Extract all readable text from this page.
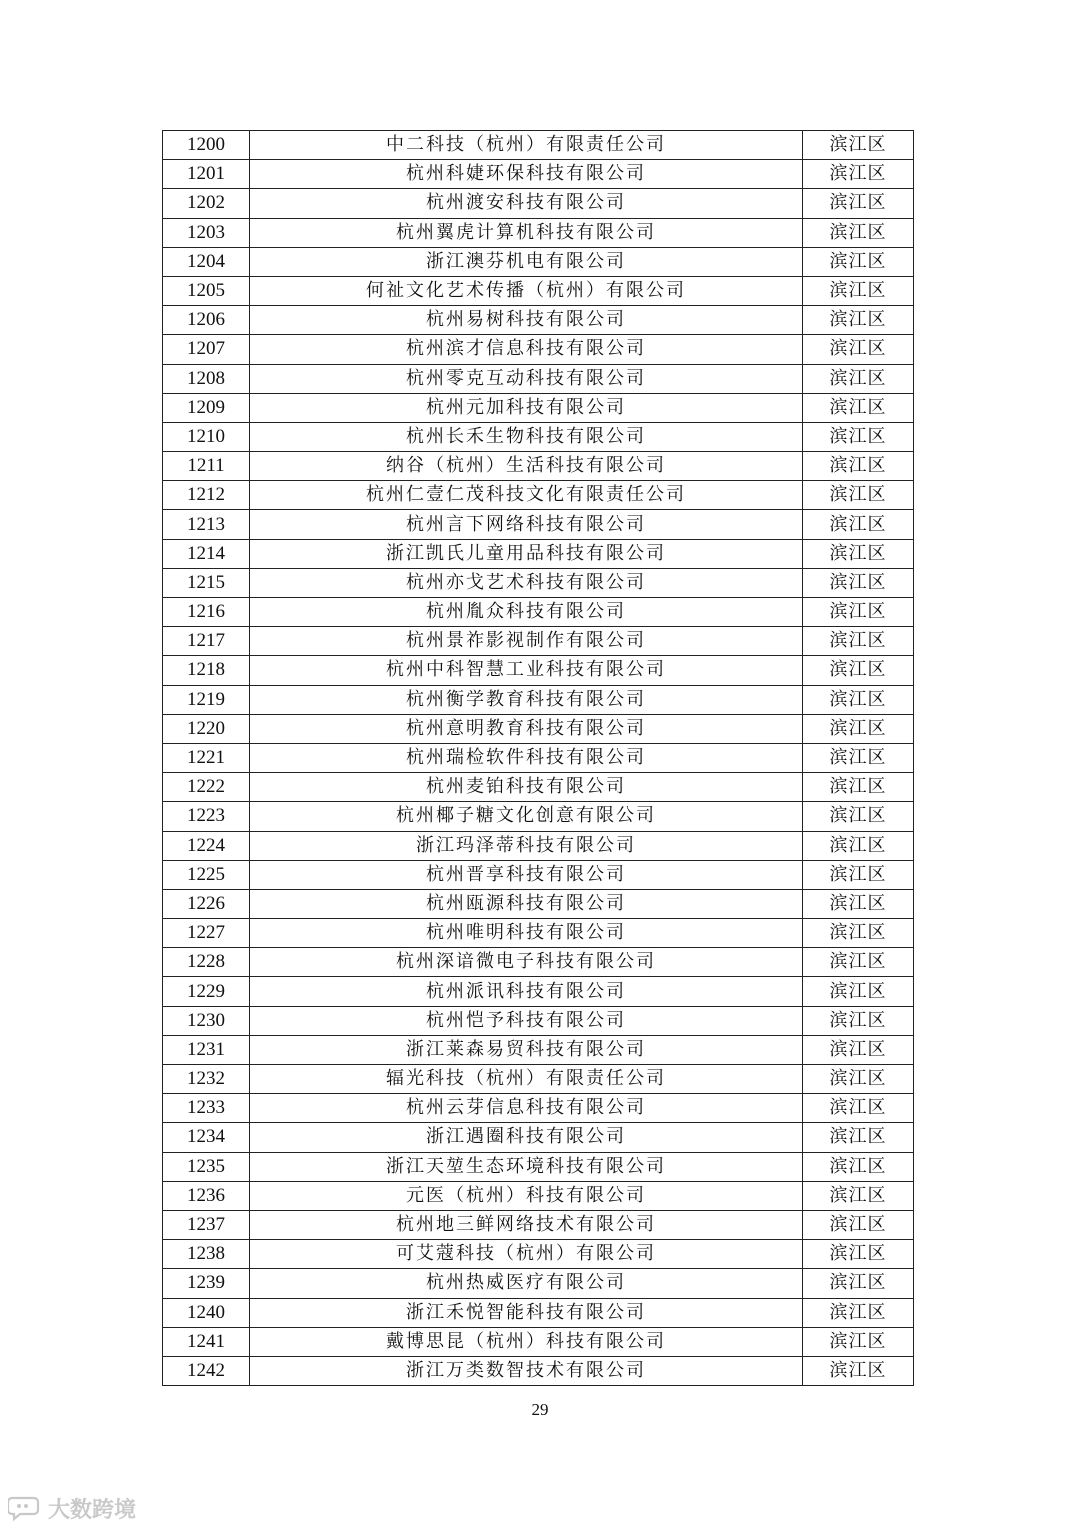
1200	中二科技（杭州）有限责任公司	滨江区
1201	杭州科婕环保科技有限公司	滨江区
1202	杭州渡安科技有限公司	滨江区
1203	杭州翼虎计算机科技有限公司	滨江区
1204	浙江澳芬机电有限公司	滨江区
1205	何祉文化艺术传播（杭州）有限公司	滨江区
1206	杭州易树科技有限公司	滨江区
1207	杭州滨才信息科技有限公司	滨江区
1208	杭州零克互动科技有限公司	滨江区
1209	杭州元加科技有限公司	滨江区
1210	杭州长禾生物科技有限公司	滨江区
1211	纳谷（杭州）生活科技有限公司	滨江区
1212	杭州仁壹仁茂科技文化有限责任公司	滨江区
1213	杭州言下网络科技有限公司	滨江区
1214	浙江凯氏儿童用品科技有限公司	滨江区
1215	杭州亦戈艺术科技有限公司	滨江区
1216	杭州胤众科技有限公司	滨江区
1217	杭州景祚影视制作有限公司	滨江区
1218	杭州中科智慧工业科技有限公司	滨江区
1219	杭州衡学教育科技有限公司	滨江区
1220	杭州意明教育科技有限公司	滨江区
1221	杭州瑞检软件科技有限公司	滨江区
1222	杭州麦铂科技有限公司	滨江区
1223	杭州椰子糖文化创意有限公司	滨江区
1224	浙江玛泽蒂科技有限公司	滨江区
1225	杭州晋享科技有限公司	滨江区
1226	杭州瓯源科技有限公司	滨江区
1227	杭州唯明科技有限公司	滨江区
1228	杭州深谙微电子科技有限公司	滨江区
1229	杭州派讯科技有限公司	滨江区
1230	杭州恺予科技有限公司	滨江区
1231	浙江莱森易贸科技有限公司	滨江区
1232	辐光科技（杭州）有限责任公司	滨江区
1233	杭州云芽信息科技有限公司	滨江区
1234	浙江遇圈科技有限公司	滨江区
1235	浙江天堃生态环境科技有限公司	滨江区
1236	元医（杭州）科技有限公司	滨江区
1237	杭州地三鲜网络技术有限公司	滨江区
1238	可艾蔻科技（杭州）有限公司	滨江区
1239	杭州热威医疗有限公司	滨江区
1240	浙江禾悦智能科技有限公司	滨江区
1241	戴博思昆（杭州）科技有限公司	滨江区
1242	浙江万类数智技术有限公司	滨江区
29
大数跨境
